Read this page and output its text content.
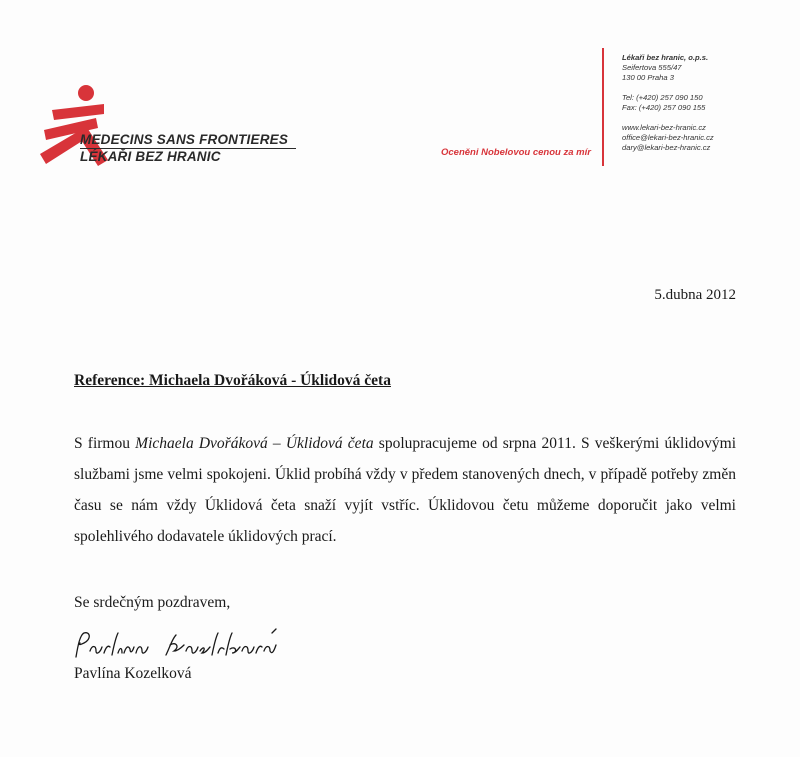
MEDECINS SANS FRONTIERES
LÉKAŘI BEZ HRANIC	Oceněni Nobelovou cenou za mír
Lékaři bez hranic, o.p.s.
Seifertova 555/47
130 00 Praha 3
Tel: (+420) 257 090 150
Fax: (+420) 257 090 155
www.lekari-bez-hranic.cz
office@lekari-bez-hranic.cz
dary@lekari-bez-hranic.cz
5.dubna 2012
Reference: Michaela Dvořáková - Úklidová četa
S firmou Michaela Dvořáková – Úklidová četa spolupracujeme od srpna 2011. S veškerými úklidovými službami jsme velmi spokojeni. Úklid probíhá vždy v předem stanovených dnech, v případě potřeby změn času se nám vždy Úklidová četa snaží vyjít vstříc. Úklidovou četu můžeme doporučit jako velmi spolehlivého dodavatele úklidových prací.
Se srdečným pozdravem,
Pavlína Kozelková
